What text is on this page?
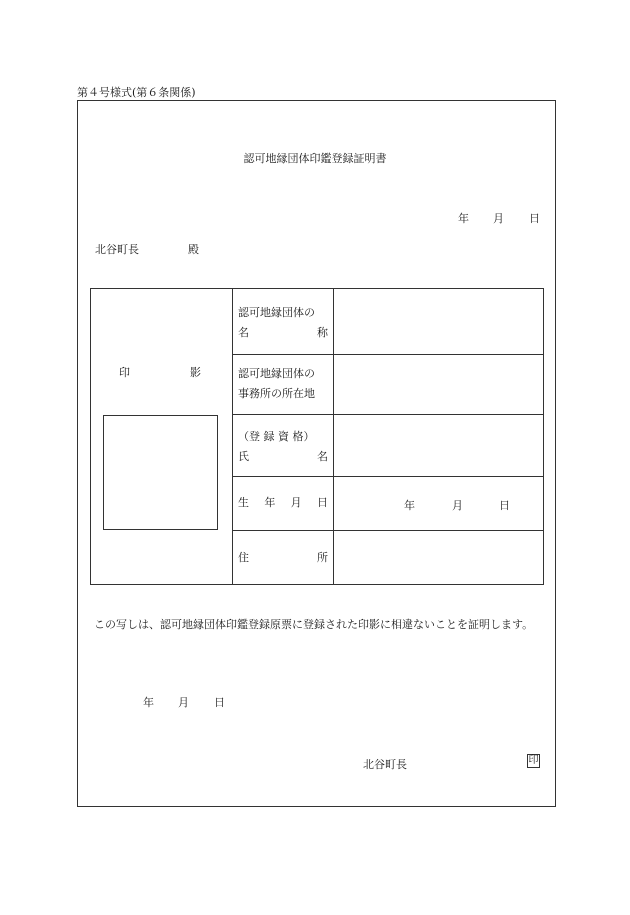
第４号様式(第６条関係)
認可地縁団体印鑑登録証明書
年 月 日
北谷町長	殿
印	影
認可地縁団体の
名	称
認可地縁団体の
事務所の所在地
（登 録 資 格）
氏	名
生 年 月 日	年	月	日
住	所
この写しは、認可地縁団体印鑑登録原票に登録された印影に相違ないことを証明します。
年 月 日
北谷町長	印
